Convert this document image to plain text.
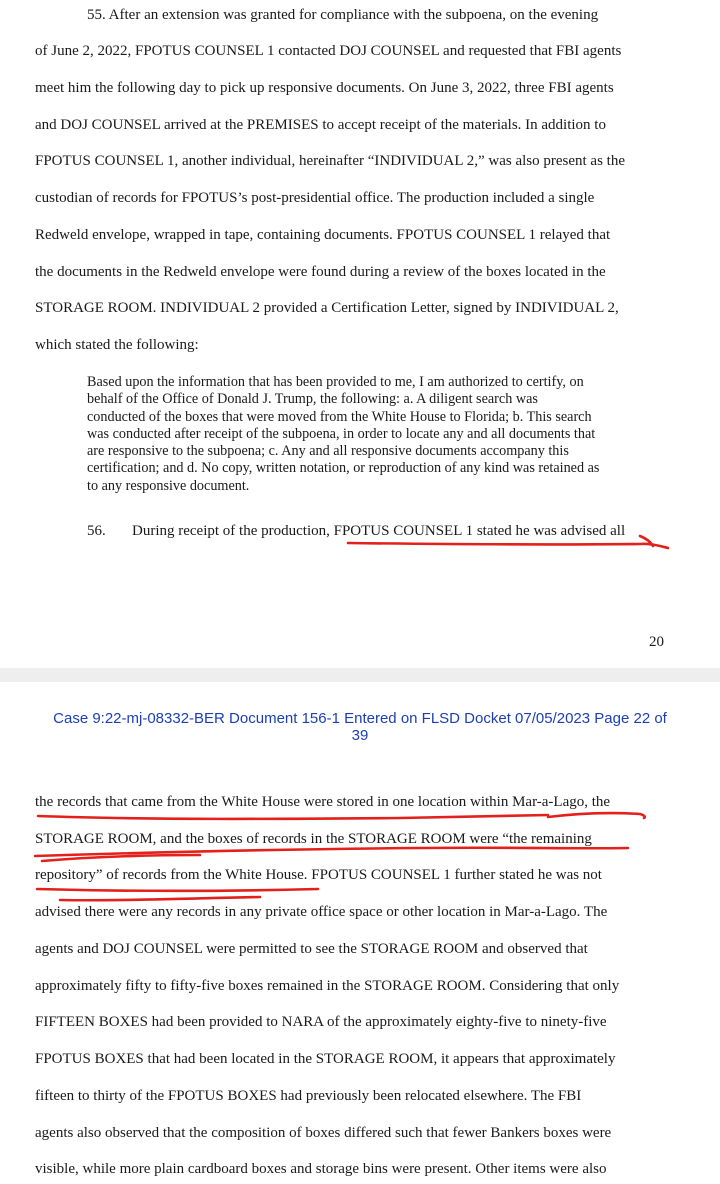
55. After an extension was granted for compliance with the subpoena, on the evening
of June 2, 2022, FPOTUS COUNSEL 1 contacted DOJ COUNSEL and requested that FBI agents
meet him the following day to pick up responsive documents. On June 3, 2022, three FBI agents
and DOJ COUNSEL arrived at the PREMISES to accept receipt of the materials. In addition to
FPOTUS COUNSEL 1, another individual, hereinafter “INDIVIDUAL 2,” was also present as the
custodian of records for FPOTUS’s post-presidential office. The production included a single
Redweld envelope, wrapped in tape, containing documents. FPOTUS COUNSEL 1 relayed that
the documents in the Redweld envelope were found during a review of the boxes located in the
STORAGE ROOM. INDIVIDUAL 2 provided a Certification Letter, signed by INDIVIDUAL 2,
which stated the following:
Based upon the information that has been provided to me, I am authorized to certify, on
behalf of the Office of Donald J. Trump, the following: a. A diligent search was
conducted of the boxes that were moved from the White House to Florida; b. This search
was conducted after receipt of the subpoena, in order to locate any and all documents that
are responsive to the subpoena; c. Any and all responsive documents accompany this
certification; and d. No copy, written notation, or reproduction of any kind was retained as
to any responsive document.
56. During receipt of the production, FPOTUS COUNSEL 1 stated he was advised all
20
Case 9:22-mj-08332-BER Document 156-1 Entered on FLSD Docket 07/05/2023 Page 22 of
39
the records that came from the White House were stored in one location within Mar-a-Lago, the
STORAGE ROOM, and the boxes of records in the STORAGE ROOM were “the remaining
repository” of records from the White House. FPOTUS COUNSEL 1 further stated he was not
advised there were any records in any private office space or other location in Mar-a-Lago. The
agents and DOJ COUNSEL were permitted to see the STORAGE ROOM and observed that
approximately fifty to fifty-five boxes remained in the STORAGE ROOM. Considering that only
FIFTEEN BOXES had been provided to NARA of the approximately eighty-five to ninety-five
FPOTUS BOXES that had been located in the STORAGE ROOM, it appears that approximately
fifteen to thirty of the FPOTUS BOXES had previously been relocated elsewhere. The FBI
agents also observed that the composition of boxes differed such that fewer Bankers boxes were
visible, while more plain cardboard boxes and storage bins were present. Other items were also
